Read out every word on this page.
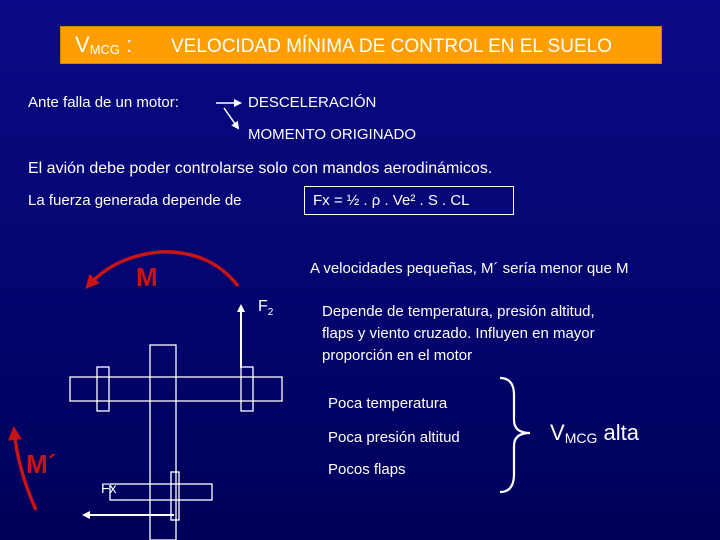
$V_{MCG}$ : VELOCIDAD MÍNIMA DE CONTROL EN EL SUELO
Ante falla de un motor:	DESCELERACIÓN
MOMENTO ORIGINADO
El avión debe poder controlarse solo con mandos aerodinámicos.
La fuerza generada depende de	Fx = ½ . ρ . Ve² . S . CL
A velocidades pequeñas, M´ sería menor que M
M
M´
$F_2$	Depende de temperatura, presión altitud,
flaps y viento cruzado. Influyen en mayor
proporción en el motor
Poca temperatura
Poca presión altitud
Pocos flaps
$V_{MCG}$ alta
Fx
